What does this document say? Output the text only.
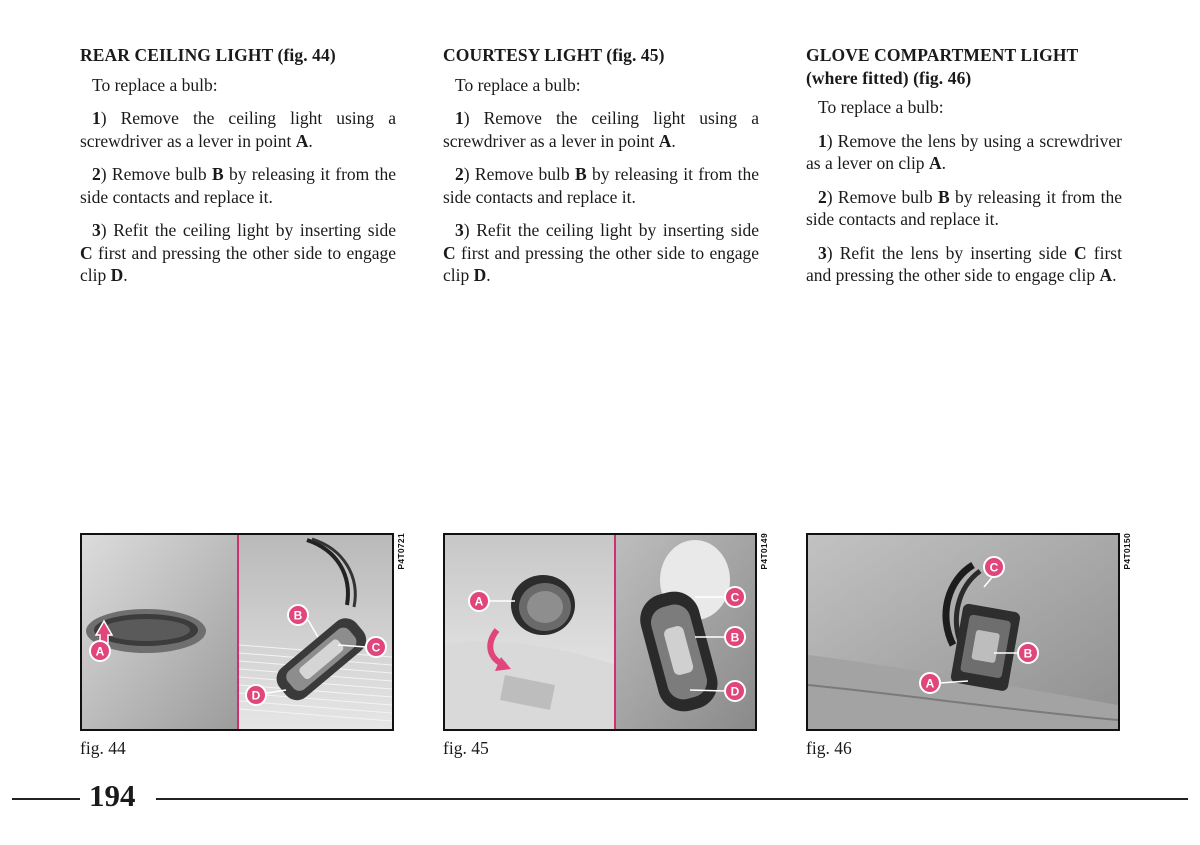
REAR CEILING LIGHT (fig. 44)
To replace a bulb:
1) Remove the ceiling light using a screwdriver as a lever in point A.
2) Remove bulb B by releasing it from the side contacts and replace it.
3) Refit the ceiling light by inserting side C first and pressing the other side to engage clip D.
COURTESY LIGHT (fig. 45)
To replace a bulb:
1) Remove the ceiling light using a screwdriver as a lever in point A.
2) Remove bulb B by releasing it from the side contacts and replace it.
3) Refit the ceiling light by inserting side C first and pressing the other side to engage clip D.
GLOVE COMPARTMENT LIGHT (where fitted) (fig. 46)
To replace a bulb:
1) Remove the lens by using a screwdriver as a lever on clip A.
2) Remove bulb B by releasing it from the side contacts and replace it.
3) Refit the lens by inserting side C first and pressing the other side to engage clip A.
A
B
C
D
A	C
B
D
C
B
A
P4T0721	P4T0149	P4T0150
fig. 44	fig. 45	fig. 46
194
